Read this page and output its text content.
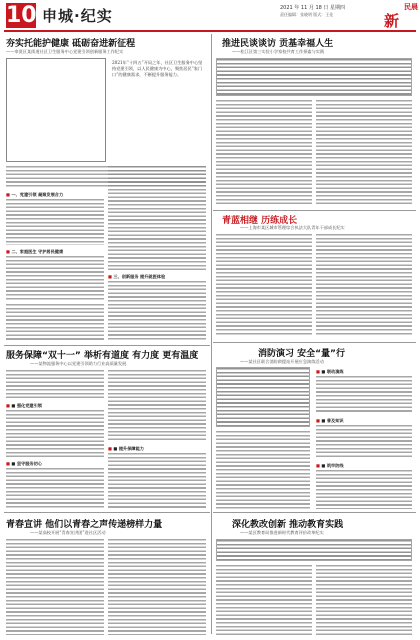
10 申城·纪实	2021 年 11 月 18 日 星期四
责任编辑：张晓明 版式：王佳	新
民晨
夯实托能护健康 砥砺奋进新征程
——奉贤区某街道社区卫生服务中心党建引领创新服务工作纪实
2021年“十四五”开局之年，社区卫生服务中心坚持党建引领，以人民健康为中心，聚焦居民“家门口”的健康需求，不断提升服务能力。
■ 一、党建引领 凝聚发展合力
■ 二、家庭医生 守护居民健康
■ 三、创新服务 提升就医体验
推进民谈谈访 贡基幸福人生
——松江区第三实验小学家校共育工作探索与实践
青蓝相继 历练成长
——上海市某区城市管理综合执法大队青年干部成长纪实
服务保障“双十一” 举析有道度 有力度 更有温度
——某物流服务中心以党建引领助力行业高质量发展
■ ■ 强化党建引领
■ ■ 坚守服务初心
■ ■ 提升保障能力
消防演习 安全“量”行
——某社区联合消防救援站开展应急演练活动
■ ■ 联动演练
■ ■ 普及知识
■ ■ 筑牢防线
青春宣讲 他们以青春之声传递榜样力量
——某高校开展“青春宣讲团”进社区活动
深化教改创新 推动教育实践
——某区教育局推进新时代教育评价改革纪实
